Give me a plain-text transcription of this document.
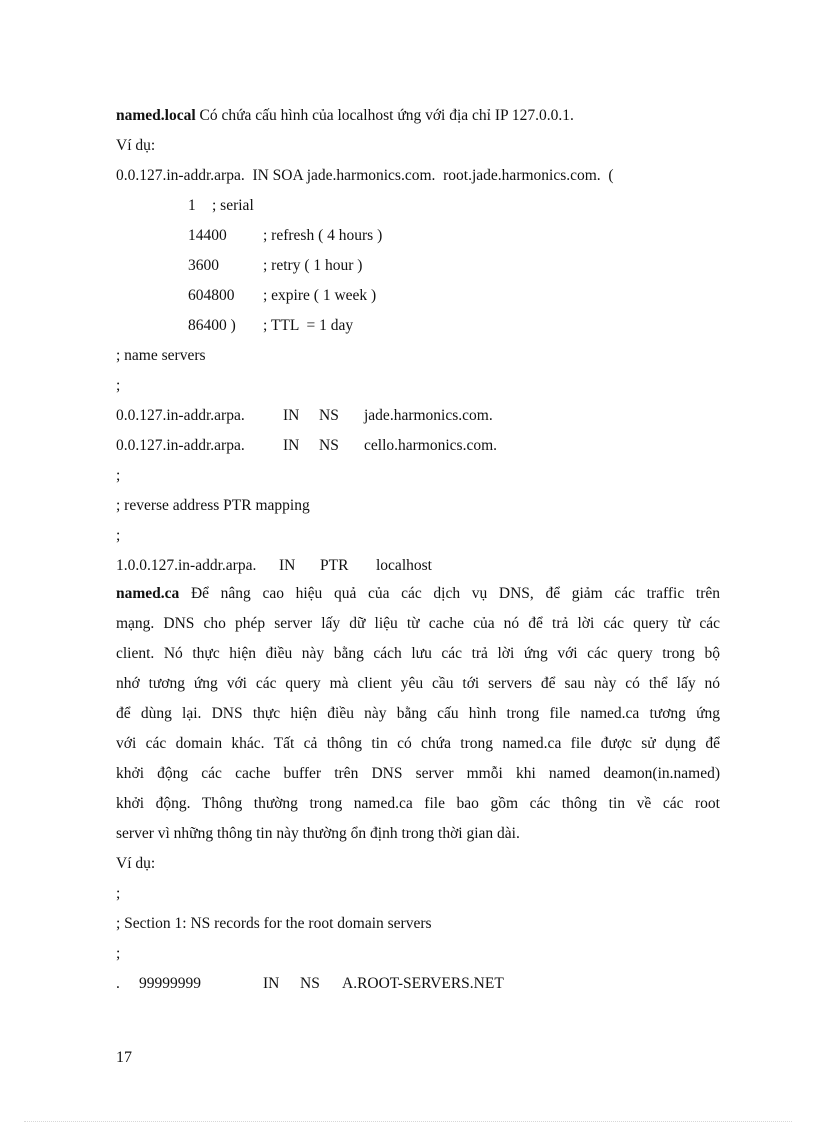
named.local Có chứa cấu hình của localhost ứng với địa chỉ IP 127.0.0.1.
Ví dụ:
0.0.127.in-addr.arpa.  IN SOA jade.harmonics.com.  root.jade.harmonics.com.  (
1 ; serial
14400 ; refresh ( 4 hours )
3600	; retry ( 1 hour )
604800 ; expire ( 1 week )
86400 ) ; TTL  = 1 day
; name servers
;
0.0.127.in-addr.arpa. IN NS jade.harmonics.com.
0.0.127.in-addr.arpa. IN NS cello.harmonics.com.
;
; reverse address PTR mapping
;
1.0.0.127.in-addr.arpa. IN PTR localhost
named.ca Để nâng cao hiệu quả của các dịch vụ DNS, để giảm các traffic trên
mạng. DNS cho phép server lấy dữ liệu từ cache của nó để trả lời các query từ các
client. Nó thực hiện điều này bằng cách lưu các trả lời ứng với các query trong bộ
nhớ tương ứng với các query mà client yêu cầu tới servers để sau này có thể lấy nó
để dùng lại. DNS thực hiện điều này bằng cấu hình trong file named.ca tương ứng
với các domain khác. Tất cả thông tin có chứa trong named.ca file được sử dụng để
khởi động các cache buffer trên DNS server mmỗi khi named deamon(in.named)
khởi động. Thông thường trong named.ca file bao gồm các thông tin về các root
server vì những thông tin này thường ổn định trong thời gian dài.
Ví dụ:
;
; Section 1: NS records for the root domain servers
;
. 99999999	IN NS A.ROOT-SERVERS.NET
17
